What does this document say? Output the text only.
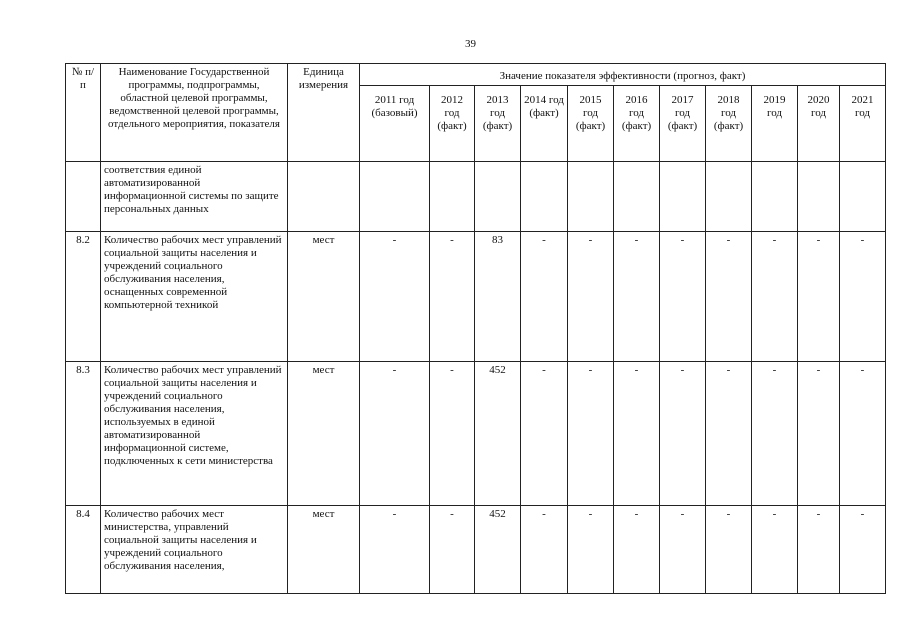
39
№ п/п	Наименование Государственной программы, подпрограммы, областной целевой программы, ведомственной целевой программы, отдельного мероприятия, показателя	Единица измерения	Значение показателя эффективности (прогноз, факт)										
			2011 год (базовый)	2012 год (факт)	2013 год (факт)	2014 год (факт)	2015 год (факт)	2016 год (факт)	2017 год (факт)	2018 год (факт)	2019 год	2020 год	2021 год
	соответствия единой автоматизированной информационной системы по защите персональных данных												
8.2	Количество рабочих мест управлений социальной защиты населения и учреждений социального обслуживания населения, оснащенных современной компьютерной техникой	мест	-	-	83	-	-	-	-	-	-	-	-
8.3	Количество рабочих мест управлений социальной защиты населения и учреждений социального обслуживания населения, используемых в единой автоматизированной информационной системе, подключенных к сети министерства	мест	-	-	452	-	-	-	-	-	-	-	-
8.4	Количество рабочих мест министерства, управлений социальной защиты населения и учреждений социального обслуживания населения,	мест	-	-	452	-	-	-	-	-	-	-	-
